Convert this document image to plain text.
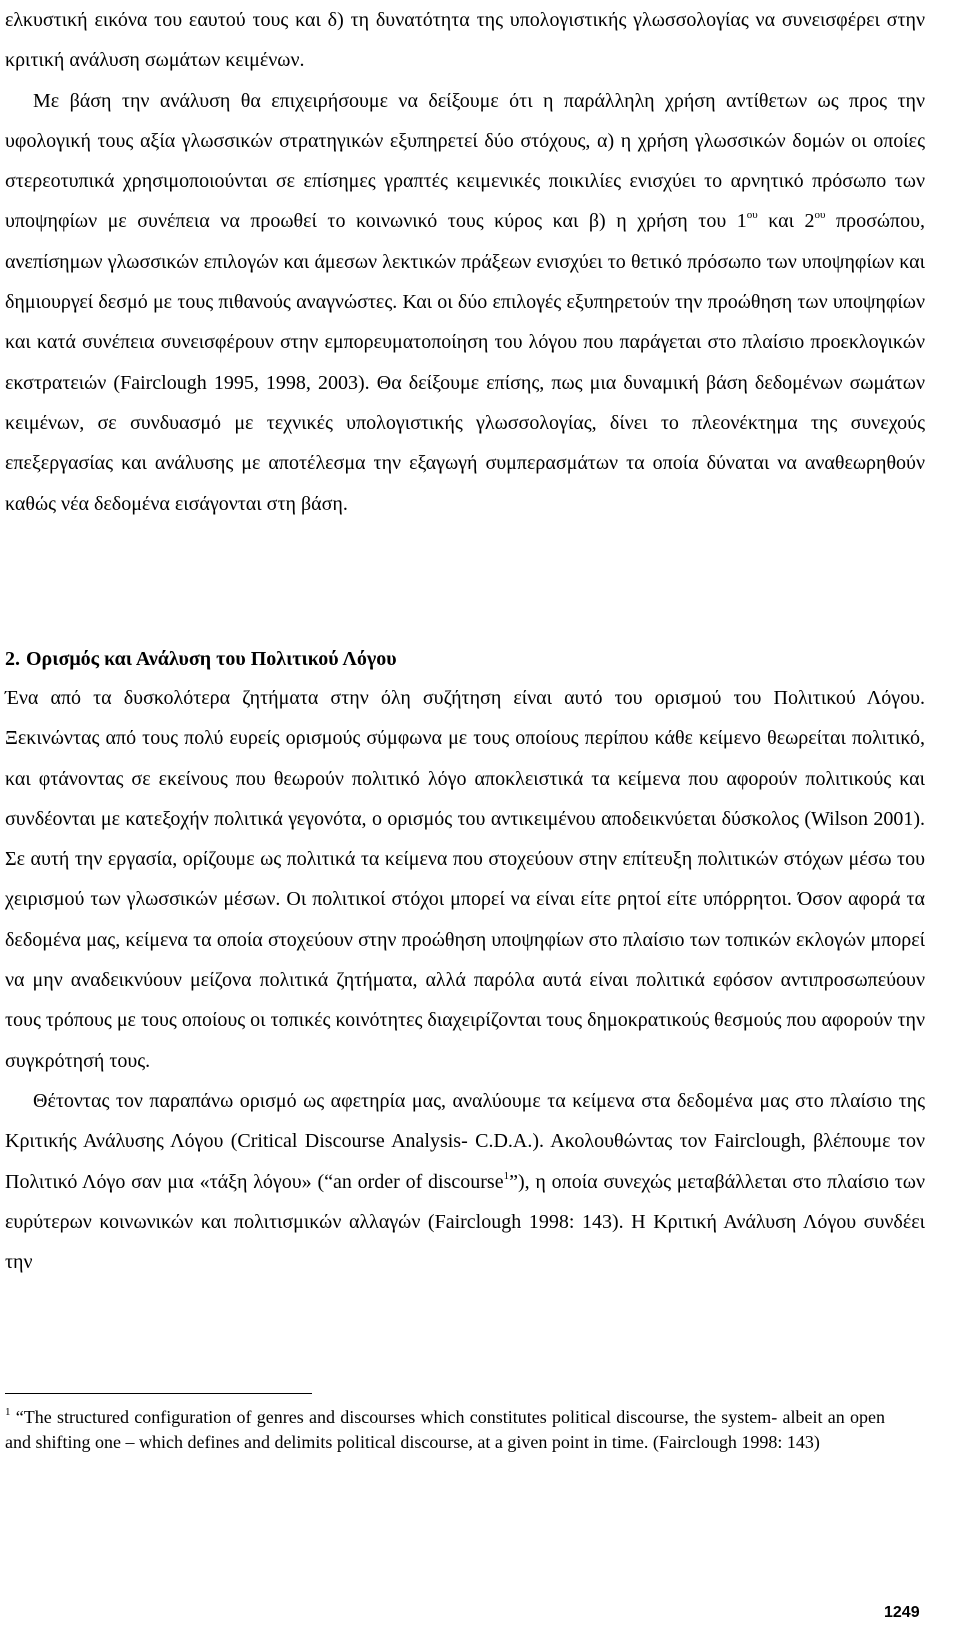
ελκυστική εικόνα του εαυτού τους και δ) τη δυνατότητα της υπολογιστικής γλωσσολογίας να συνεισφέρει στην κριτική ανάλυση σωμάτων κειμένων.

Με βάση την ανάλυση θα επιχειρήσουμε να δείξουμε ότι η παράλληλη χρήση αντίθετων ως προς την υφολογική τους αξία γλωσσικών στρατηγικών εξυπηρετεί δύο στόχους, α) η χρήση γλωσσικών δομών οι οποίες στερεοτυπικά χρησιμοποιούνται σε επίσημες γραπτές κειμενικές ποικιλίες ενισχύει το αρνητικό πρόσωπο των υποψηφίων με συνέπεια να προωθεί το κοινωνικό τους κύρος και β) η χρήση του $1^{o\upsilon}$ και $2^{o\upsilon}$ προσώπου, ανεπίσημων γλωσσικών επιλογών και άμεσων λεκτικών πράξεων ενισχύει το θετικό πρόσωπο των υποψηφίων και δημιουργεί δεσμό με τους πιθανούς αναγνώστες. Και οι δύο επιλογές εξυπηρετούν την προώθηση των υποψηφίων και κατά συνέπεια συνεισφέρουν στην εμπορευματοποίηση του λόγου που παράγεται στο πλαίσιο προεκλογικών εκστρατειών (Fairclough 1995, 1998, 2003). Θα δείξουμε επίσης, πως μια δυναμική βάση δεδομένων σωμάτων κειμένων, σε συνδυασμό με τεχνικές υπολογιστικής γλωσσολογίας, δίνει το πλεονέκτημα της συνεχούς επεξεργασίας και ανάλυσης με αποτέλεσμα την εξαγωγή συμπερασμάτων τα οποία δύναται να αναθεωρηθούν καθώς νέα δεδομένα εισάγονται στη βάση.

2. Ορισμός και Ανάλυση του Πολιτικού Λόγου

Ένα από τα δυσκολότερα ζητήματα στην όλη συζήτηση είναι αυτό του ορισμού του Πολιτικού Λόγου. Ξεκινώντας από τους πολύ ευρείς ορισμούς σύμφωνα με τους οποίους περίπου κάθε κείμενο θεωρείται πολιτικό, και φτάνοντας σε εκείνους που θεωρούν πολιτικό λόγο αποκλειστικά τα κείμενα που αφορούν πολιτικούς και συνδέονται με κατεξοχήν πολιτικά γεγονότα, ο ορισμός του αντικειμένου αποδεικνύεται δύσκολος (Wilson 2001). Σε αυτή την εργασία, ορίζουμε ως πολιτικά τα κείμενα που στοχεύουν στην επίτευξη πολιτικών στόχων μέσω του χειρισμού των γλωσσικών μέσων. Οι πολιτικοί στόχοι μπορεί να είναι είτε ρητοί είτε υπόρρητοι. Όσον αφορά τα δεδομένα μας, κείμενα τα οποία στοχεύουν στην προώθηση υποψηφίων στο πλαίσιο των τοπικών εκλογών μπορεί να μην αναδεικνύουν μείζονα πολιτικά ζητήματα, αλλά παρόλα αυτά είναι πολιτικά εφόσον αντιπροσωπεύουν τους τρόπους με τους οποίους οι τοπικές κοινότητες διαχειρίζονται τους δημοκρατικούς θεσμούς που αφορούν την συγκρότησή τους.

Θέτοντας τον παραπάνω ορισμό ως αφετηρία μας, αναλύουμε τα κείμενα στα δεδομένα μας στο πλαίσιο της Κριτικής Ανάλυσης Λόγου (Critical Discourse Analysis- C.D.A.). Ακολουθώντας τον Fairclough, βλέπουμε τον Πολιτικό Λόγο σαν μια «τάξη λόγου» (“an order of discourse$^1$”), η οποία συνεχώς μεταβάλλεται στο πλαίσιο των ευρύτερων κοινωνικών και πολιτισμικών αλλαγών (Fairclough 1998: 143). Η Κριτική Ανάλυση Λόγου συνδέει την

$^1$ “The structured configuration of genres and discourses which constitutes political discourse, the system- albeit an open and shifting one – which defines and delimits political discourse, at a given point in time. (Fairclough 1998: 143)
1249
